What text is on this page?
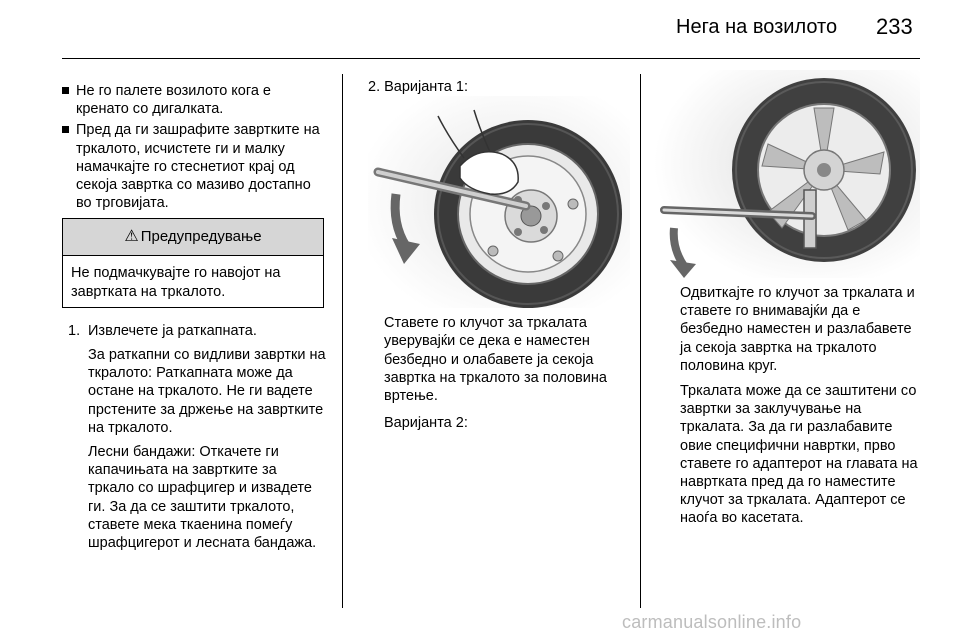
Нега на возилото 233
Не го палете возилото кога е кренато со дигалката.
Пред да ги зашрафите завртките на тркалото, исчистете ги и малку намачкајте го стеснетиот крај од секоја завртка со мазиво достапно во трговијата.
⚠ Предупредување
Не подмачкувајте го навојот на завртката на тркалото.
1. Извлечете ја раткапната.

За раткапни со видливи завртки на ткралото: Раткапната може да остане на тркалото. Не ги вадете прстените за држење на завртките на тркалото.

Лесни бандажи: Откачете ги капачињата на завртките за тркало со шрафцигер и извадете ги. За да се заштити тркалото, ставете мека ткаенина помеѓу шрафцигерот и лесната бандажа.

2. Варијанта 1:

Ставете го клучот за тркалата уверувајќи се дека е наместен безбедно и олабавете ја секоја завртка на тркалото за половина вртење.

Варијанта 2:

Одвиткајте го клучот за тркалата и ставете го внимавајќи да е безбедно наместен и разлабавете ја секоја завртка на тркалото половина круг.

Тркалата може да се заштитени со завртки за заклучување на тркалата. За да ги разлабавите овие специфични навртки, прво ставете го адаптерот на главата на навртката пред да го наместите клучот за тркалата. Адаптерот се наоѓа во касетата.

carmanualsonline.info
